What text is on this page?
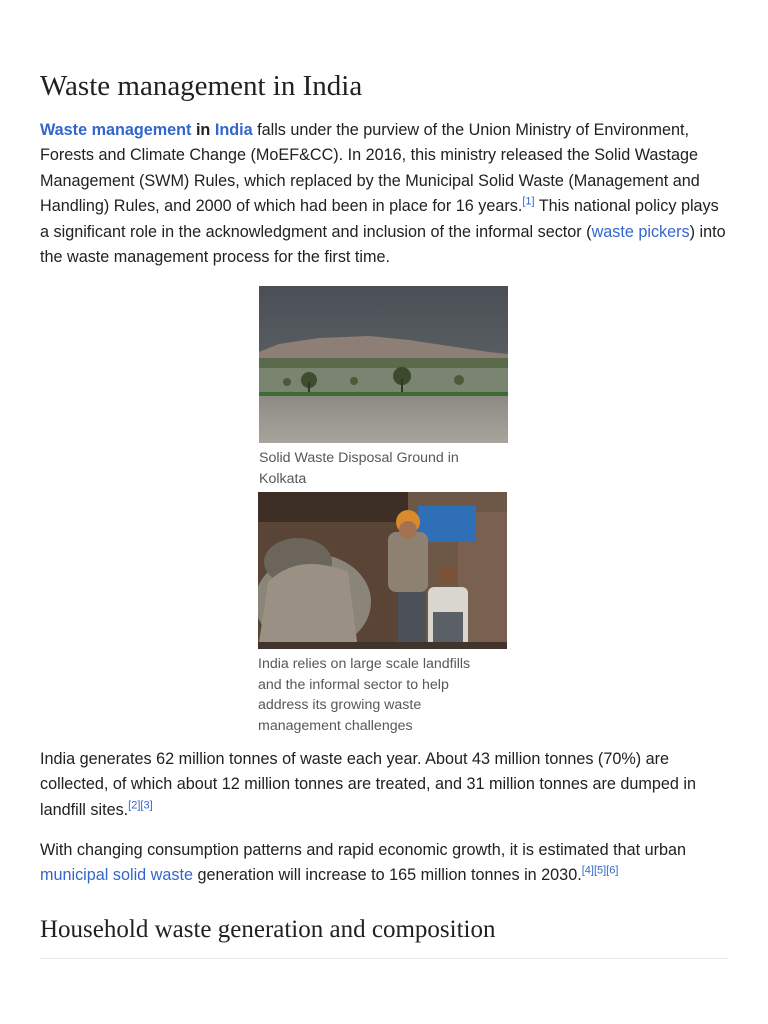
Waste management in India

Waste management in India falls under the purview of the Union Ministry of Environment, Forests and Climate Change (MoEF&CC). In 2016, this ministry released the Solid Wastage Management (SWM) Rules, which replaced by the Municipal Solid Waste (Management and Handling) Rules, and 2000 of which had been in place for 16 years.[1] This national policy plays a significant role in the acknowledgment and inclusion of the informal sector (waste pickers) into the waste management process for the first time.

Solid Waste Disposal Ground in Kolkata
India relies on large scale landfills and the informal sector to help address its growing waste management challenges

India generates 62 million tonnes of waste each year. About 43 million tonnes (70%) are collected, of which about 12 million tonnes are treated, and 31 million tonnes are dumped in landfill sites.[2][3]

With changing consumption patterns and rapid economic growth, it is estimated that urban municipal solid waste generation will increase to 165 million tonnes in 2030.[4][5][6]

Household waste generation and composition
